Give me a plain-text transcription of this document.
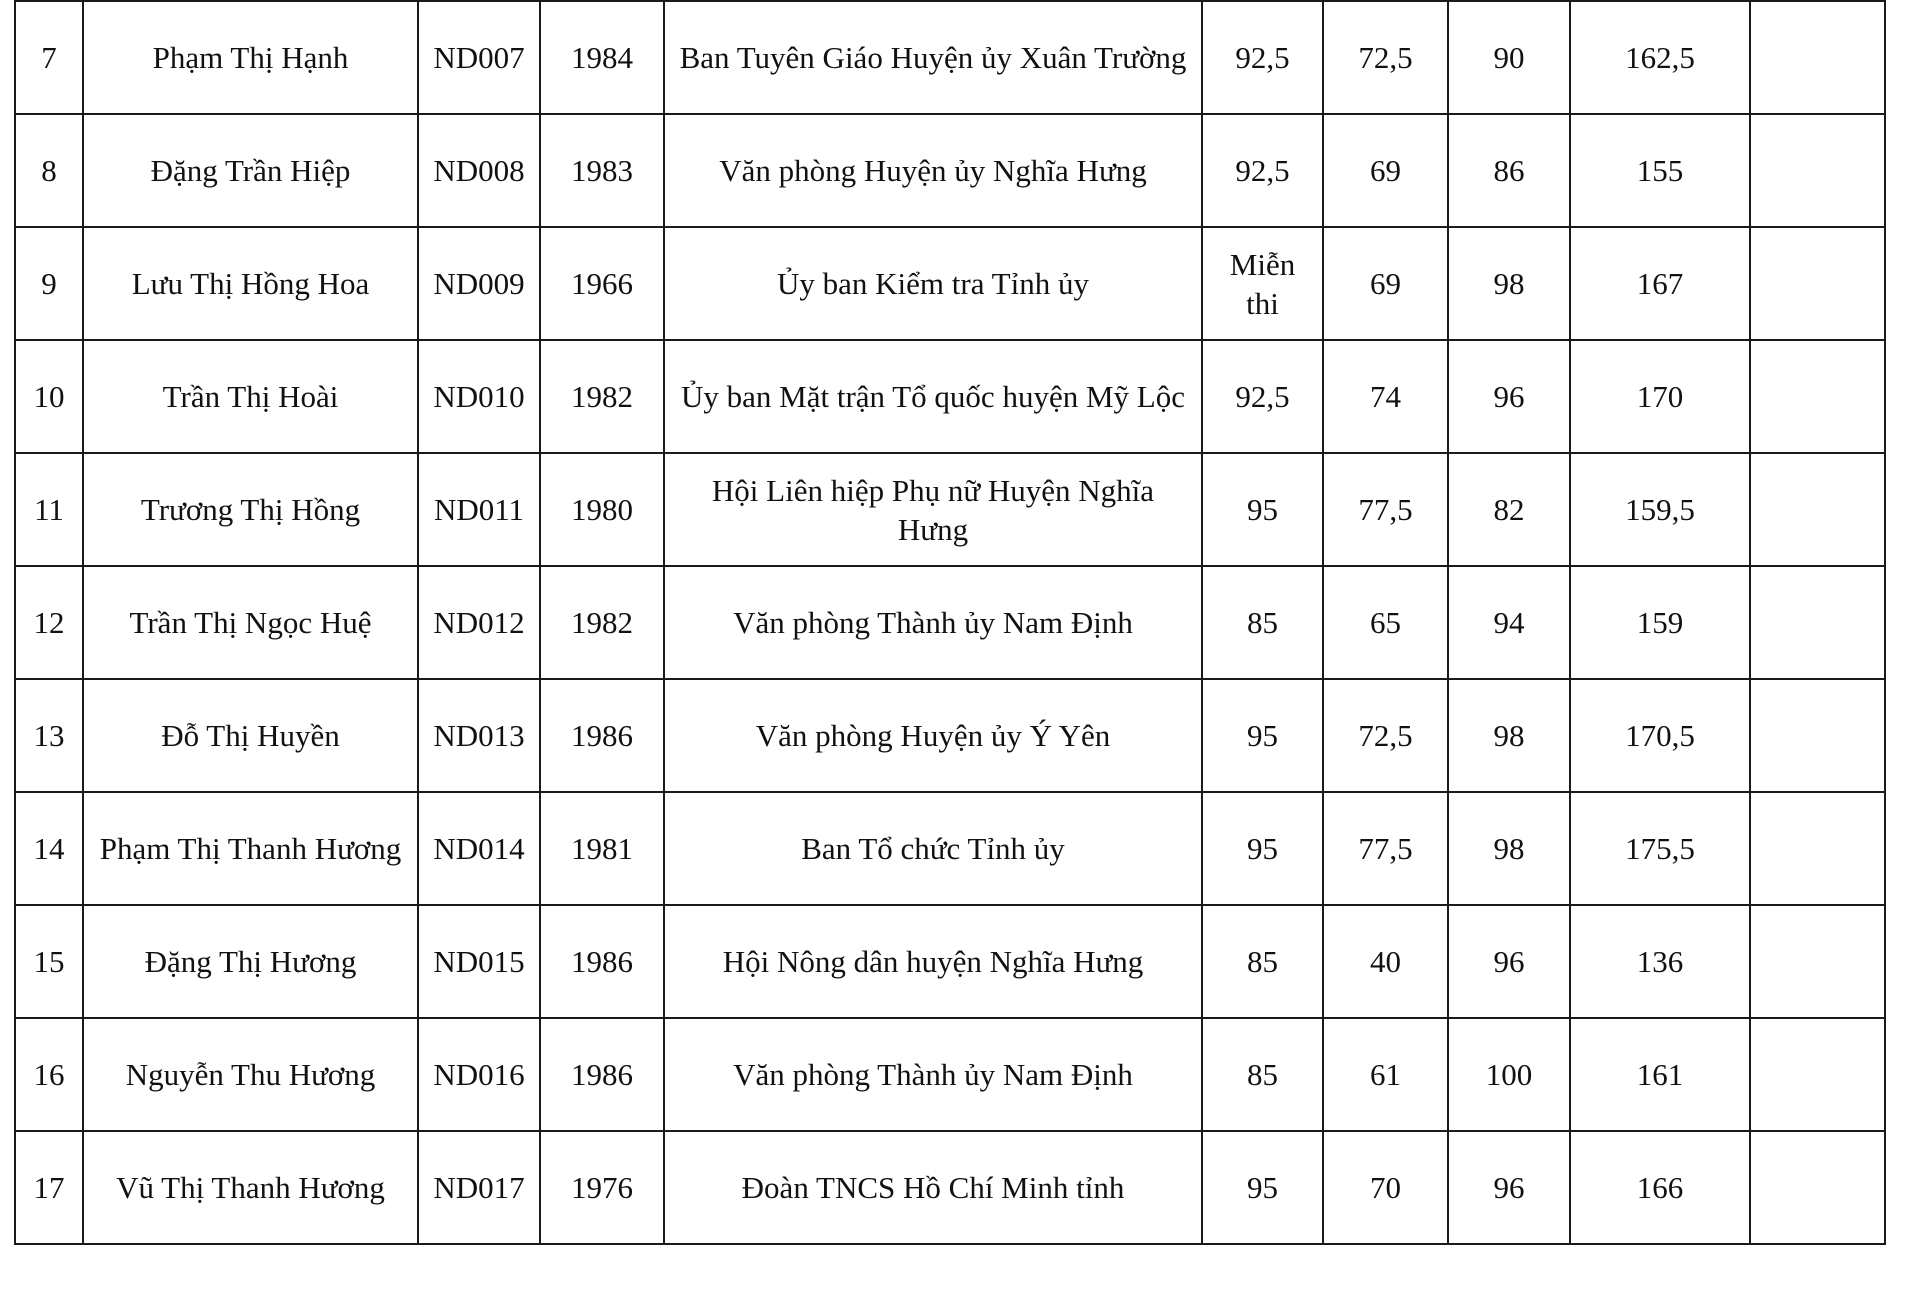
7	Phạm Thị Hạnh	ND007	1984	Ban Tuyên Giáo Huyện ủy Xuân Trường	92,5	72,5	90	162,5	
8	Đặng Trần Hiệp	ND008	1983	Văn phòng Huyện ủy Nghĩa Hưng	92,5	69	86	155	
9	Lưu Thị Hồng Hoa	ND009	1966	Ủy ban Kiểm tra Tỉnh ủy	Miễn thi	69	98	167	
10	Trần Thị Hoài	ND010	1982	Ủy ban Mặt trận Tổ quốc huyện Mỹ Lộc	92,5	74	96	170	
11	Trương Thị Hồng	ND011	1980	Hội Liên hiệp Phụ nữ Huyện Nghĩa Hưng	95	77,5	82	159,5	
12	Trần Thị Ngọc Huệ	ND012	1982	Văn phòng Thành ủy Nam Định	85	65	94	159	
13	Đỗ Thị Huyền	ND013	1986	Văn phòng Huyện ủy Ý Yên	95	72,5	98	170,5	
14	Phạm Thị Thanh Hương	ND014	1981	Ban Tổ chức Tỉnh ủy	95	77,5	98	175,5	
15	Đặng Thị Hương	ND015	1986	Hội Nông dân huyện Nghĩa Hưng	85	40	96	136	
16	Nguyễn Thu Hương	ND016	1986	Văn phòng Thành ủy Nam Định	85	61	100	161	
17	Vũ Thị Thanh Hương	ND017	1976	Đoàn TNCS Hồ Chí Minh tỉnh	95	70	96	166	
